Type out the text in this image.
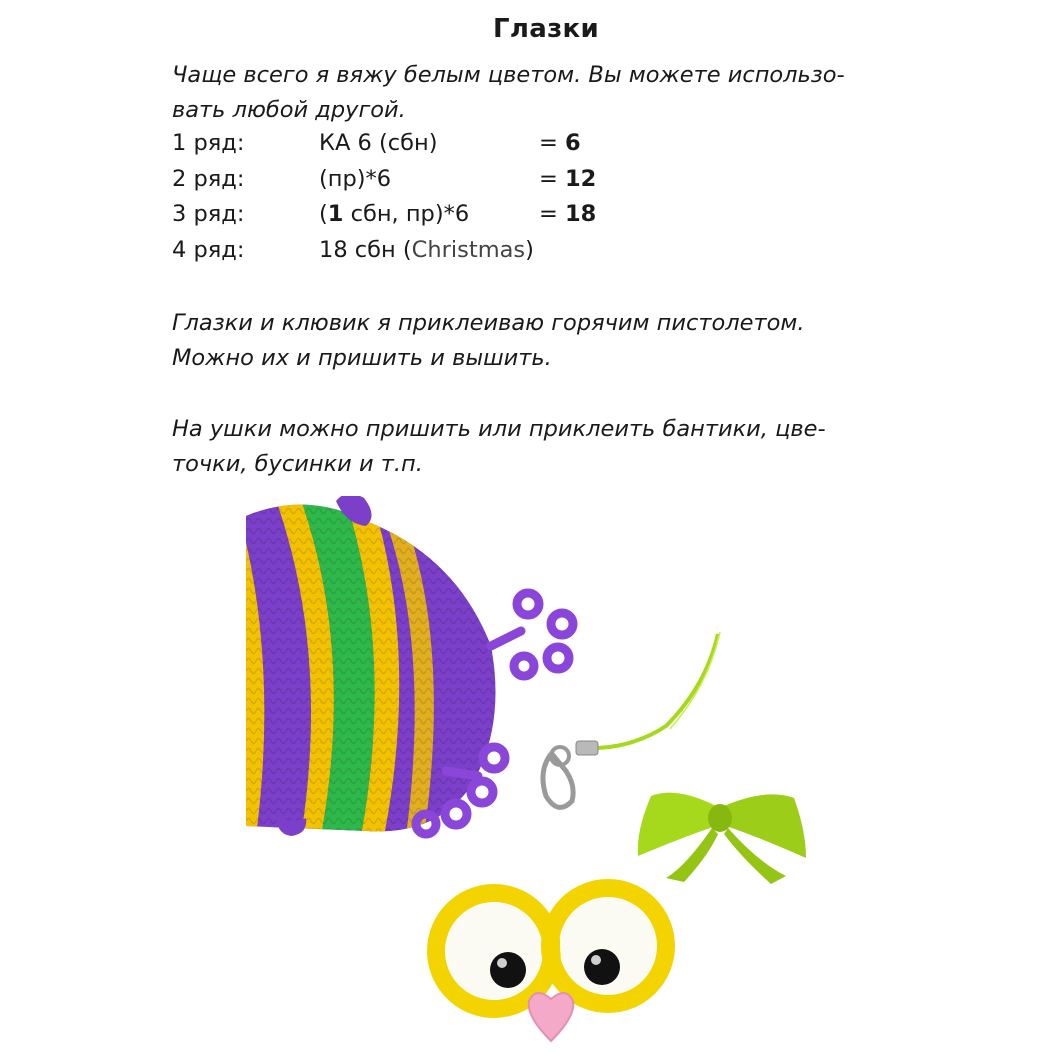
Глазки
Чаще всего я вяжу белым цветом. Вы можете использо-
вать любой другой.
1 ряд:	КА 6 (сбн)	= 6
2 ряд:	(пр)*6	= 12
3 ряд:	(1 сбн, пр)*6	= 18
4 ряд:	18 сбн (Christmas)
Глазки и клювик я приклеиваю горячим пистолетом.
Можно их и пришить и вышить.
На ушки можно пришить или приклеить бантики, цве-
точки, бусинки и т.п.
